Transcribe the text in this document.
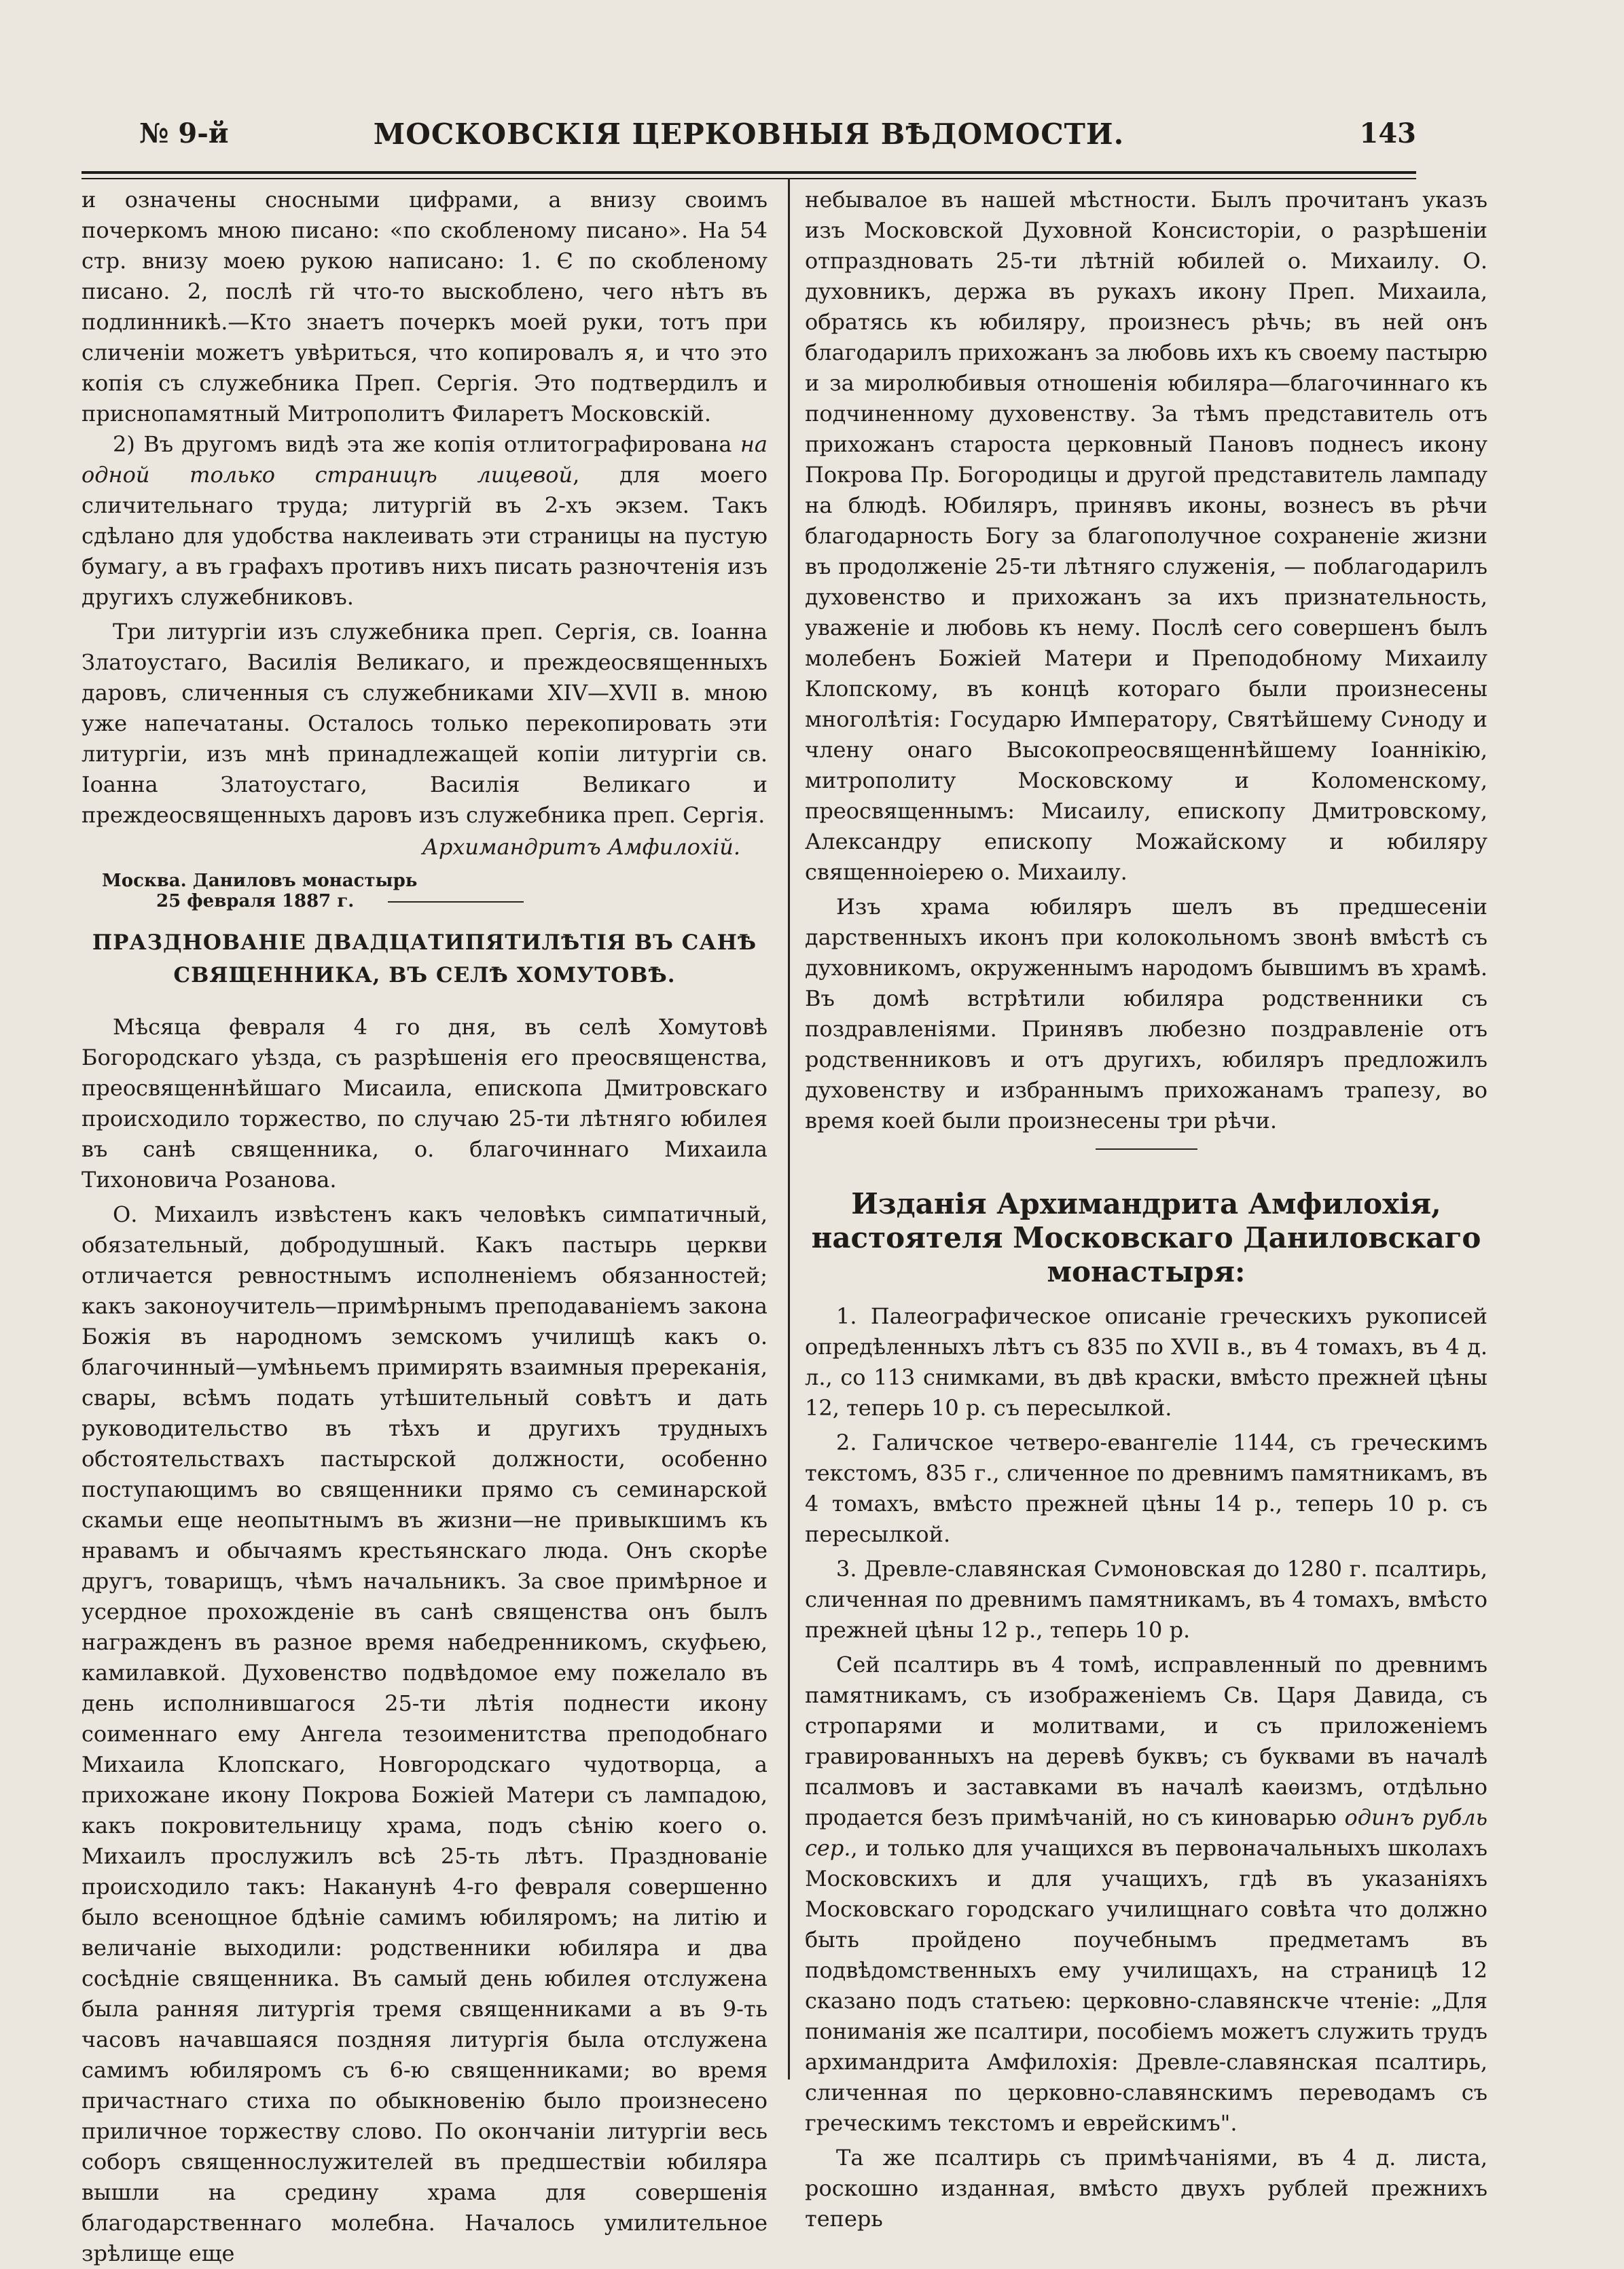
№ 9-й	МОСКОВСКІЯ ЦЕРКОВНЫЯ ВѢДОМОСТИ.	143

и означены сносными цифрами, а внизу своимъ почеркомъ мною писано: «по скобленому писано». На 54 стр. внизу моею рукою написано: 1. Є по скобленому писано. 2, послѣ гй что-то выскоблено, чего нѣтъ въ подлинникѣ.—Кто знаетъ почеркъ моей руки, тотъ при сличеніи можетъ увѣриться, что копировалъ я, и что это копія съ служебника Преп. Сергія. Это подтвердилъ и приснопамятный Митрополитъ Филаретъ Московскій.

2) Въ другомъ видѣ эта же копія отлитографирована на одной только страницѣ лицевой, для моего сличительнаго труда; литургій въ 2-хъ экзем. Такъ сдѣлано для удобства наклеивать эти страницы на пустую бумагу, а въ графахъ противъ нихъ писать разночтенія изъ другихъ служебниковъ.

Три литургіи изъ служебника преп. Сергія, св. Іоанна Златоустаго, Василія Великаго, и преждеосвященныхъ даровъ, сличенныя съ служебниками XIV—XVII в. мною уже напечатаны. Осталось только перекопировать эти литургіи, изъ мнѣ принадлежащей копіи литургіи св. Іоанна Златоустаго, Василія Великаго и преждеосвященныхъ даровъ изъ служебника преп. Сергія.

Архимандритъ Амфилохій.
Москва. Даниловъ монастырь
25 февраля 1887 г.
ПРАЗДНОВАНІЕ ДВАДЦАТИПЯТИЛѢТІЯ ВЪ САНѢ СВЯЩЕННИКА, ВЪ СЕЛѢ ХОМУТОВѢ.

Мѣсяца февраля 4 го дня, въ селѣ Хомутовѣ Богородскаго уѣзда, съ разрѣшенія его преосвященства, преосвященнѣйшаго Мисаила, епископа Дмитровскаго происходило торжество, по случаю 25-ти лѣтняго юбилея въ санѣ священника, о. благочиннаго Михаила Тихоновича Розанова.

О. Михаилъ извѣстенъ какъ человѣкъ симпатичный, обязательный, добродушный. Какъ пастырь церкви отличается ревностнымъ исполненіемъ обязанностей; какъ законоучитель—примѣрнымъ преподаваніемъ закона Божія въ народномъ земскомъ училищѣ какъ о. благочинный—умѣньемъ примирять взаимныя пререканія, свары, всѣмъ подать утѣшительный совѣтъ и дать руководительство въ тѣхъ и другихъ трудныхъ обстоятельствахъ пастырской должности, особенно поступающимъ во священники прямо съ семинарской скамьи еще неопытнымъ въ жизни—не привыкшимъ къ нравамъ и обычаямъ крестьянскаго люда. Онъ скорѣе другъ, товарищъ, чѣмъ начальникъ. За свое примѣрное и усердное прохожденіе въ санѣ священства онъ былъ награжденъ въ разное время набедренникомъ, скуфьею, камилавкой. Духовенство подвѣдомое ему пожелало въ день исполнившагося 25-ти лѣтія поднести икону соименнаго ему Ангела тезоименитства преподобнаго Михаила Клопскаго, Новгородскаго чудотворца, а прихожане икону Покрова Божіей Матери съ лампадою, какъ покровительницу храма, подъ сѣнію коего о. Михаилъ прослужилъ всѣ 25-ть лѣтъ. Празднованіе происходило такъ: Наканунѣ 4-го февраля совершенно было всенощное бдѣніе самимъ юбиляромъ; на литію и величаніе выходили: родственники юбиляра и два сосѣдніе священника. Въ самый день юбилея отслужена была ранняя литургія тремя священниками а въ 9-ть часовъ начавшаяся поздняя литургія была отслужена самимъ юбиляромъ съ 6-ю священниками; во время причастнаго стиха по обыкновенію было произнесено приличное торжеству слово. По окончаніи литургіи весь соборъ священнослужителей въ предшествіи юбиляра вышли на средину храма для совершенія благодарственнаго молебна. Началось умилительное зрѣлище еще

небывалое въ нашей мѣстности. Былъ прочитанъ указъ изъ Московской Духовной Консисторіи, о разрѣшеніи отпраздновать 25-ти лѣтній юбилей о. Михаилу. О. духовникъ, держа въ рукахъ икону Преп. Михаила, обратясь къ юбиляру, произнесъ рѣчь; въ ней онъ благодарилъ прихожанъ за любовь ихъ къ своему пастырю и за миролюбивыя отношенія юбиляра—благочиннаго къ подчиненному духовенству. За тѣмъ представитель отъ прихожанъ староста церковный Пановъ поднесъ икону Покрова Пр. Богородицы и другой представитель лампаду на блюдѣ. Юбиляръ, принявъ иконы, вознесъ въ рѣчи благодарность Богу за благополучное сохраненіе жизни въ продолженіе 25-ти лѣтняго служенія, — поблагодарилъ духовенство и прихожанъ за ихъ признательность, уваженіе и любовь къ нему. Послѣ сего совершенъ былъ молебенъ Божіей Матери и Преподобному Михаилу Клопскому, въ концѣ котораго были произнесены многолѣтія: Государю Императору, Святѣйшему Сνноду и члену онаго Высокопреосвященнѣйшему Іоаннікію, митрополиту Московскому и Коломенскому, преосвященнымъ: Мисаилу, епископу Дмитровскому, Александру епископу Можайскому и юбиляру священноіерею о. Михаилу.

Изъ храма юбиляръ шелъ въ предшесеніи дарственныхъ иконъ при колокольномъ звонѣ вмѣстѣ съ духовникомъ, окруженнымъ народомъ бывшимъ въ храмѣ. Въ домѣ встрѣтили юбиляра родственники съ поздравленіями. Принявъ любезно поздравленіе отъ родственниковъ и отъ другихъ, юбиляръ предложилъ духовенству и избраннымъ прихожанамъ трапезу, во время коей были произнесены три рѣчи.

Изданія Архимандрита Амфилохія, настоятеля Московскаго Даниловскаго монастыря:

1. Палеографическое описаніе греческихъ рукописей опредѣленныхъ лѣтъ съ 835 по XVII в., въ 4 томахъ, въ 4 д. л., со 113 снимками, въ двѣ краски, вмѣсто прежней цѣны 12, теперь 10 р. съ пересылкой.

2. Галичское четверо-евангеліе 1144, съ греческимъ текстомъ, 835 г., сличенное по древнимъ памятникамъ, въ 4 томахъ, вмѣсто прежней цѣны 14 р., теперь 10 р. съ пересылкой.

3. Древле-славянская Сνмоновская до 1280 г. псалтирь, сличенная по древнимъ памятникамъ, въ 4 томахъ, вмѣсто прежней цѣны 12 р., теперь 10 р.

Сей псалтирь въ 4 томѣ, исправленный по древнимъ памятникамъ, съ изображеніемъ Св. Царя Давида, съ стропарями и молитвами, и съ приложеніемъ гравированныхъ на деревѣ буквъ; съ буквами въ началѣ псалмовъ и заставками въ началѣ каѳизмъ, отдѣльно продается безъ примѣчаній, но съ киноварью одинъ рубль сер., и только для учащихся въ первоначальныхъ школахъ Московскихъ и для учащихъ, гдѣ въ указаніяхъ Московскаго городскаго училищнаго совѣта что должно быть пройдено поучебнымъ предметамъ въ подвѣдомственныхъ ему училищахъ, на страницѣ 12 сказано подъ статьею: церковно-славянскче чтеніе: „Для пониманія же псалтири, пособіемъ можетъ служить трудъ архимандрита Амфилохія: Древле-славянская псалтирь, сличенная по церковно-славянскимъ переводамъ съ греческимъ текстомъ и еврейскимъ".

Та же псалтирь съ примѣчаніями, въ 4 д. листа, роскошно изданная, вмѣсто двухъ рублей прежнихъ теперь
